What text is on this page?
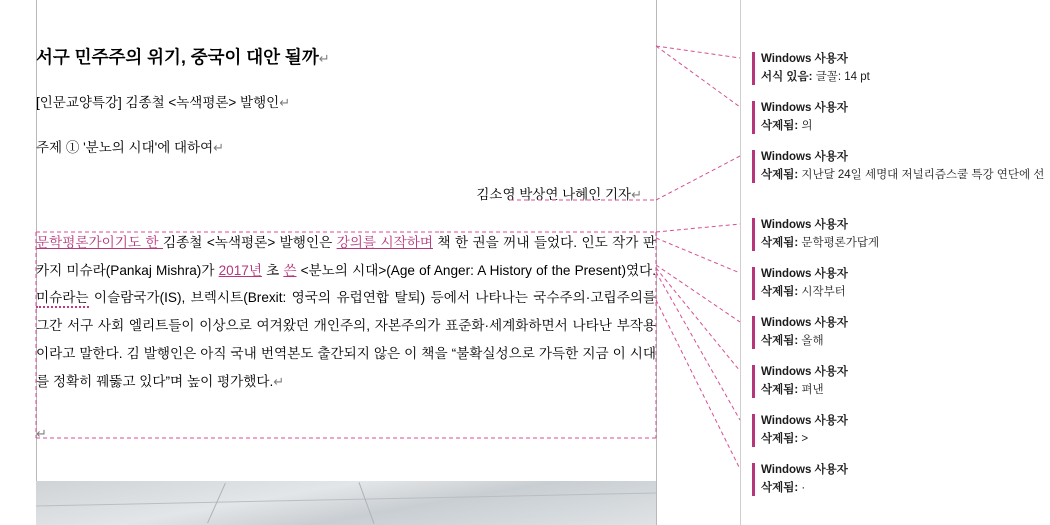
서구 민주주의 위기, 중국이 대안 될까↵
[인문교양특강] 김종철 <녹색평론> 발행인↵
주제 ① '분노의 시대'에 대하여↵
김소영 박상연 나혜인 기자↵

문학평론가이기도 한 김종철 <녹색평론> 발행인은 강의를 시작하며 책 한 권을 꺼내 들었다. 인도 작가 판카지 미슈라(Pankaj Mishra)가 2017년 초 쓴 <분노의 시대>(Age of Anger: A History of the Present)였다. 미슈라는 이슬람국가(IS), 브렉시트(Brexit: 영국의 유럽연합 탈퇴) 등에서 나타나는 국수주의·고립주의를 그간 서구 사회 엘리트들이 이상으로 여겨왔던 개인주의, 자본주의가 표준화·세계화하면서 나타난 부작용이라고 말한다. 김 발행인은 아직 국내 번역본도 출간되지 않은 이 책을 “불확실성으로 가득한 지금 이 시대를 정확히 꿰뚫고 있다”며 높이 평가했다.↵

↵
Windows 사용자
서식 있음: 글꼴: 14 pt
Windows 사용자
삭제됨: 의
Windows 사용자
삭제됨: 지난달 24일 세명대 저널리즘스쿨 특강 연단에 선
Windows 사용자
삭제됨: 문학평론가답게
Windows 사용자
삭제됨: 시작부터
Windows 사용자
삭제됨: 올해
Windows 사용자
삭제됨: 펴낸
Windows 사용자
삭제됨: >
Windows 사용자
삭제됨: ·
